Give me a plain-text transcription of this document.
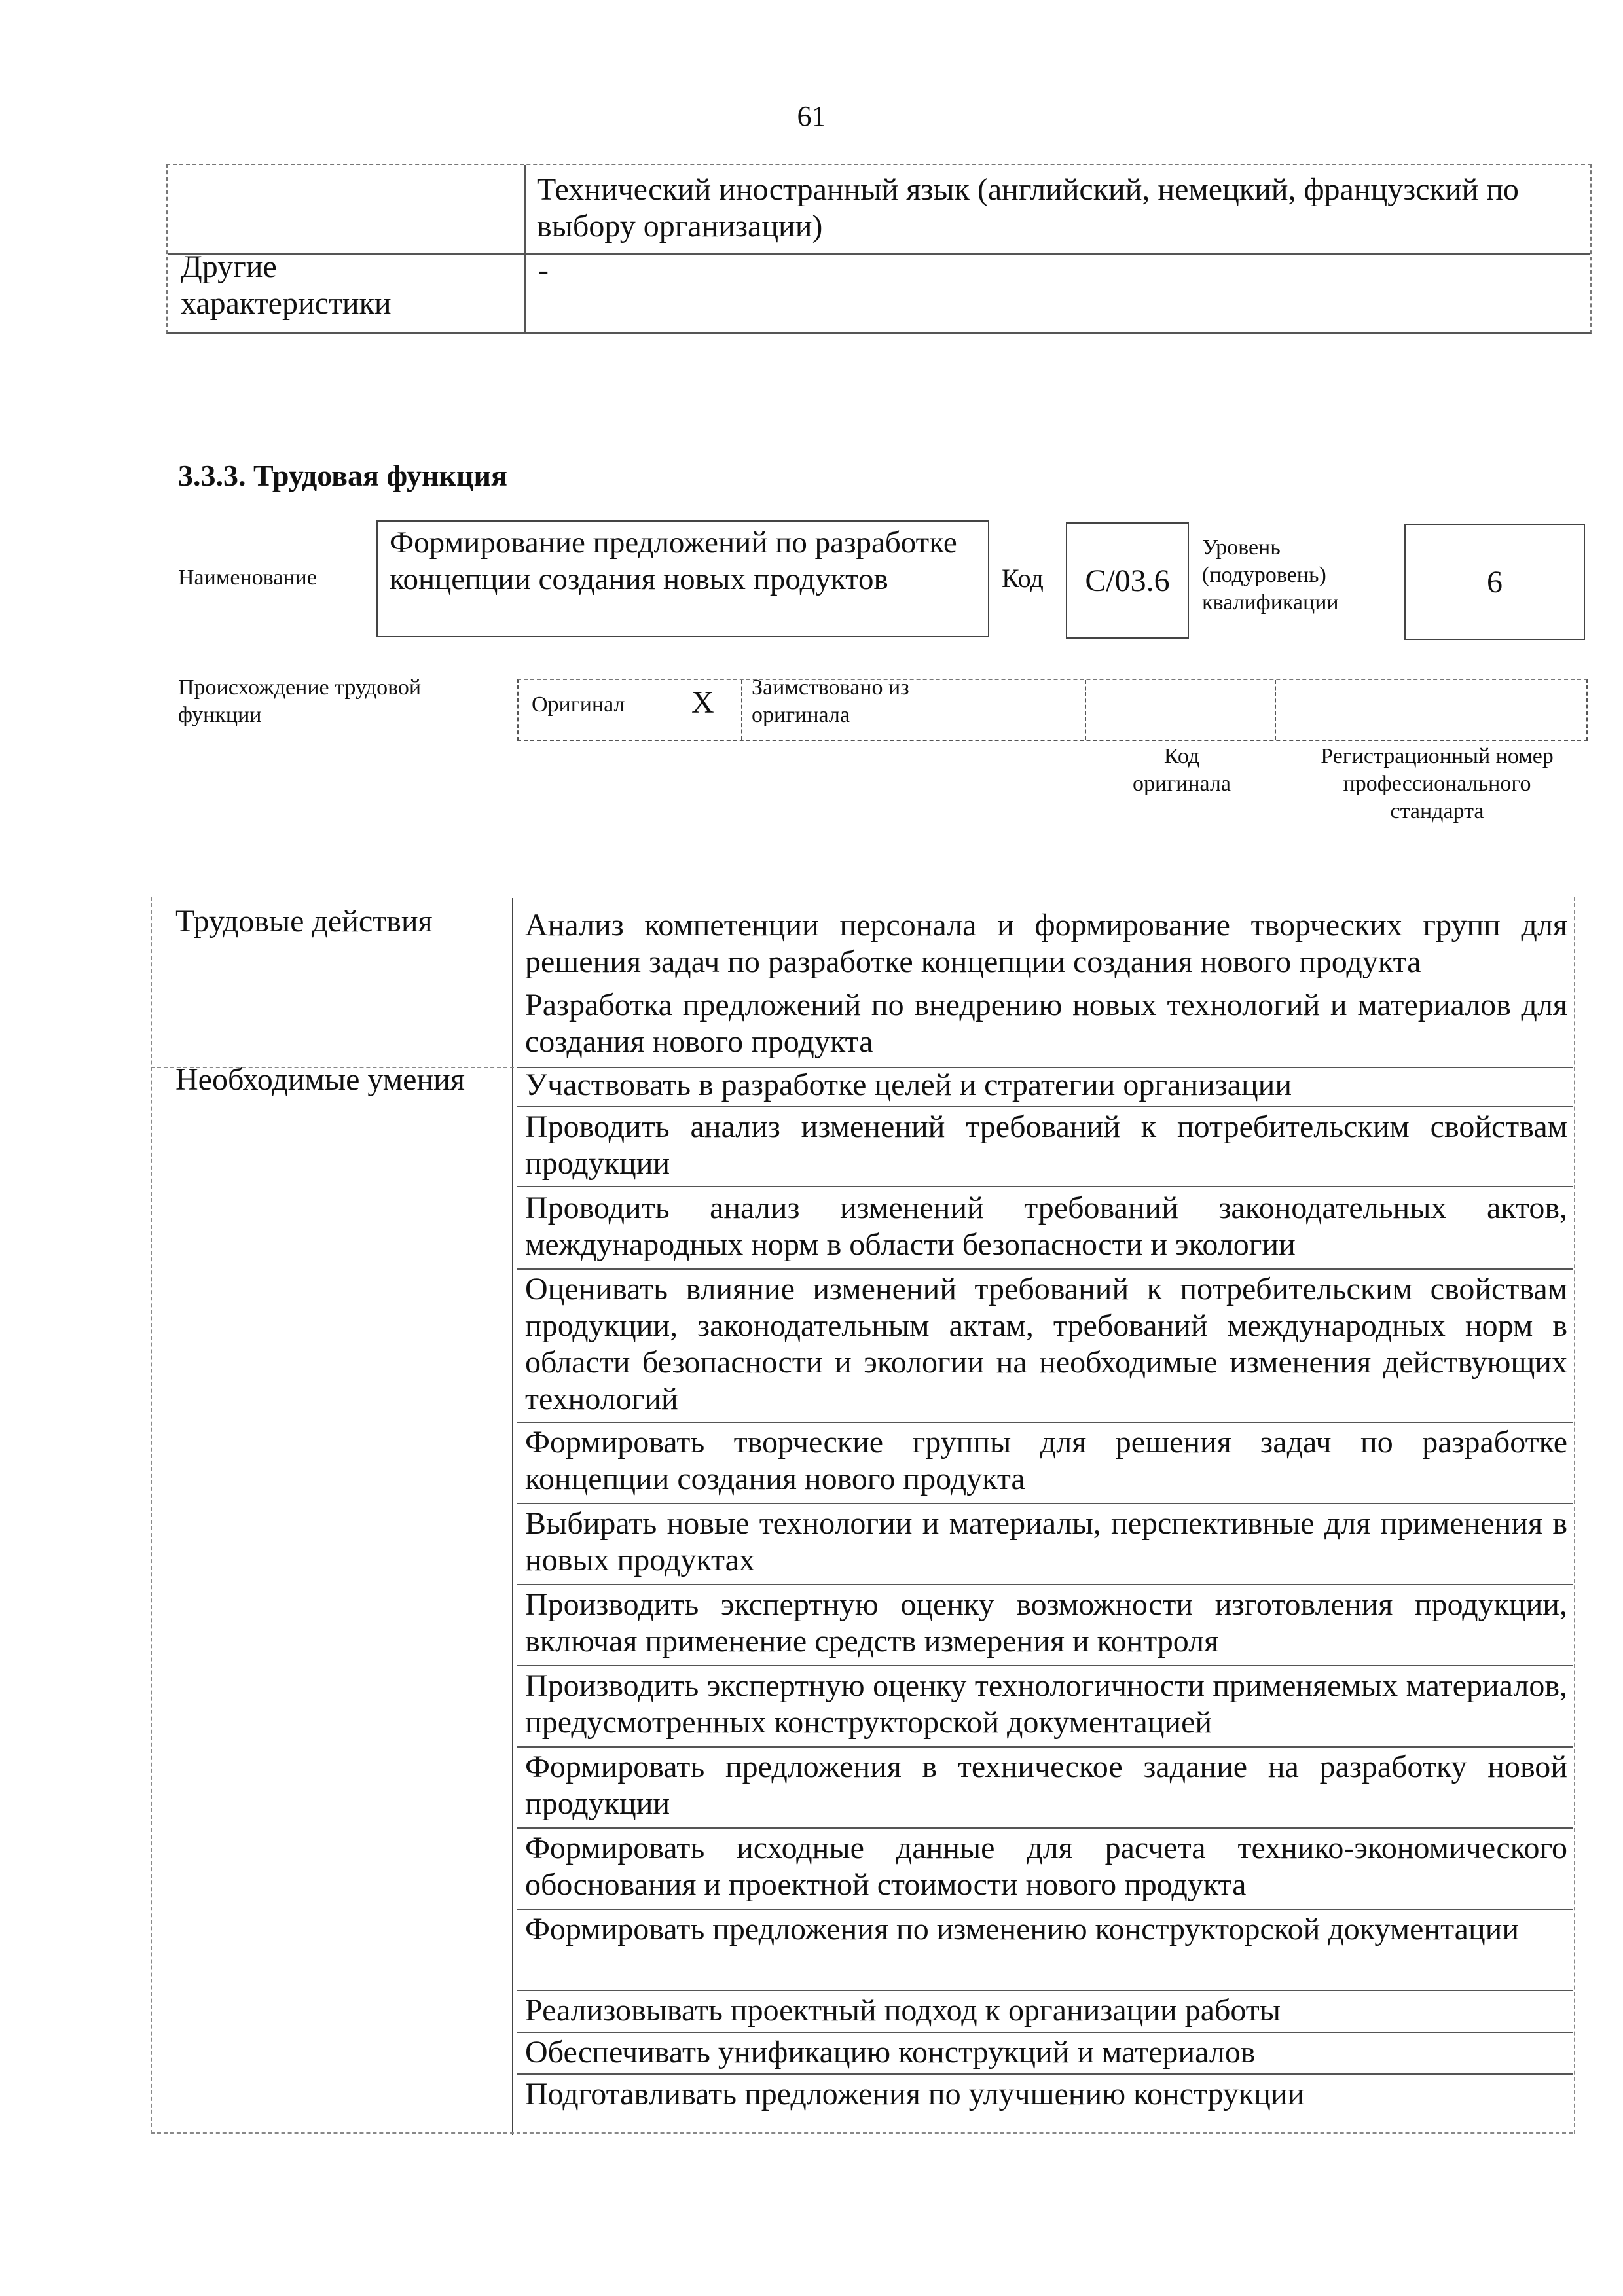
61
Технический иностранный язык (английский, немецкий, французский по выбору организации)
Другие характеристики
-
3.3.3. Трудовая функция
Наименование
Формирование предложений по разработке концепции создания новых продуктов	Код C/03.6
Уровень (подуровень) квалификации
6
Происхождение трудовой функции	Оригинал X Заимствовано из оригинала
Код оригинала
Регистрационный номер профессионального стандарта
Трудовые действия
Необходимые умения
Анализ компетенции персонала и формирование творческих групп для решения задач по разработке концепции создания нового продукта
Разработка предложений по внедрению новых технологий и материалов для создания нового продукта
Участвовать в разработке целей и стратегии организации
Проводить анализ изменений требований к потребительским свойствам продукции
Проводить анализ изменений требований законодательных актов, международных норм в области безопасности и экологии
Оценивать влияние изменений требований к потребительским свойствам продукции, законодательным актам, требований международных норм в области безопасности и экологии на необходимые изменения действующих технологий
Формировать творческие группы для решения задач по разработке концепции создания нового продукта
Выбирать новые технологии и материалы, перспективные для применения в новых продуктах
Производить экспертную оценку возможности изготовления продукции, включая применение средств измерения и контроля
Производить экспертную оценку технологичности применяемых материалов, предусмотренных конструкторской документацией
Формировать предложения в техническое задание на разработку новой продукции
Формировать исходные данные для расчета технико-экономического обоснования и проектной стоимости нового продукта
Формировать предложения по изменению конструкторской документации
Реализовывать проектный подход к организации работы
Обеспечивать унификацию конструкций и материалов
Подготавливать предложения по улучшению конструкции
